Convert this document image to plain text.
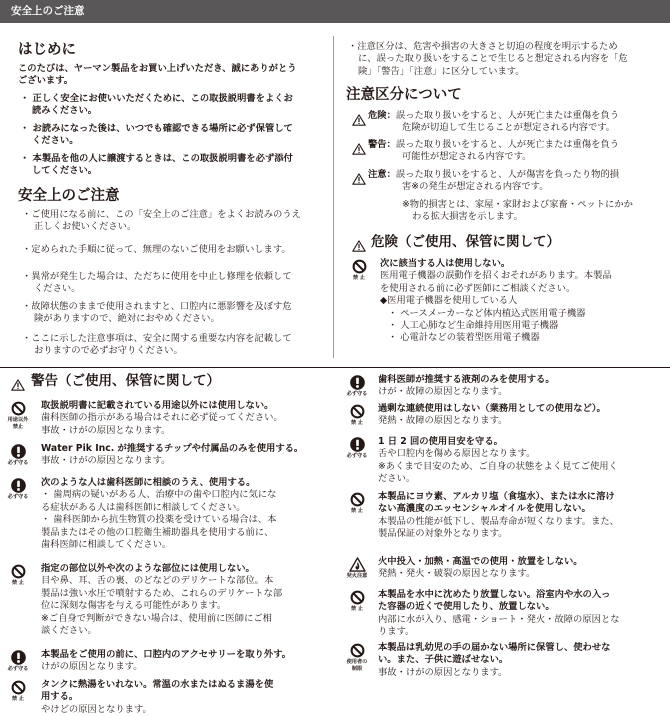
安全上のご注意
はじめに
このたびは、ヤーマン製品をお買い上げいただき、誠にありがとう
ございます。
・ 正しく安全にお使いいただくために、この取扱説明書をよくお
読みください。
・ お読みになった後は、いつでも確認できる場所に必ず保管して
ください。
・ 本製品を他の人に譲渡するときは、この取扱説明書を必ず添付
してください。
安全上のご注意
・ご使用になる前に、この「安全上のご注意」をよくお読みのうえ
正しくお使いください。
・定められた手順に従って、無理のないご使用をお願いします。
・異常が発生した場合は、ただちに使用を中止し修理を依頼して
ください。
・故障状態のままで使用されますと、口腔内に悪影響を及ぼす危
険がありますので、絶対におやめください。
・ここに示した注意事項は、安全に関する重要な内容を記載して
おりますので必ずお守りください。
・注意区分は、危害や損害の大きさと切迫の程度を明示するため
に、誤った取り扱いをすることで生じると想定される内容を「危
険」「警告」「注意」に区分しています。
注意区分について
危険：誤った取り扱いをすると、人が死亡または重傷を負う
危険が切迫して生じることが想定される内容です。
警告：誤った取り扱いをすると、人が死亡または重傷を負う
可能性が想定される内容です。
注意：誤った取り扱いをすると、人が傷害を負ったり物的損
害※の発生が想定される内容です。
※物的損害とは、家屋・家財および家畜・ペットにかか
わる拡大損害を示します。
危険（ご使用、保管に関して）
禁 止
次に該当する人は使用しない。
医用電子機器の誤動作を招くおそれがあります。本製品
を使用される前に必ず医師にご相談ください。
◆医用電子機器を使用している人
・ ペースメーカーなど体内植込式医用電子機器
・ 人工心肺など生命維持用医用電子機器
・ 心電計などの装着型医用電子機器
警告（ご使用、保管に関して）
用途以外
禁止
取扱説明書に記載されている用途以外には使用しない。
歯科医師の指示がある場合はそれに必ず従ってください。
事故・けがの原因となります。
必ず守る
Water Pik Inc. が推奨するチップや付属品のみを使用する。
事故・けがの原因となります。
必ず守る
次のような人は歯科医師に相談のうえ、使用する。
・ 歯周病の疑いがある人、治療中の歯や口腔内に気にな
る症状がある人は歯科医師に相談してください。
・ 歯科医師から抗生物質の投薬を受けている場合は、本
製品またはその他の口腔衛生補助器具を使用する前に、
歯科医師に相談してください。
禁 止
指定の部位以外や次のような部位には使用しない。
目や鼻、耳、舌の裏、のどなどのデリケートな部位。本
製品は強い水圧で噴射するため、これらのデリケートな部
位に深刻な傷害を与える可能性があります。
※ご自身で判断ができない場合は、使用前に医師にご相
談ください。
必ず守る
本製品をご使用の前に、口腔内のアクセサリーを取り外す。
けがの原因となります。
禁 止
タンクに熱湯をいれない。常温の水またはぬるま湯を使
用する。
やけどの原因となります。
必ず守る
歯科医師が推奨する液剤のみを使用する。
けが・故障の原因となります。
禁 止
過剰な連続使用はしない（業務用としての使用など）。
発熱・故障の原因となります。
必ず守る
1 日 2 回の使用目安を守る。
舌や口腔内を傷める原因となります。
※あくまで目安のため、ご自身の状態をよく見てご使用く
ださい。
禁 止
本製品にヨウ素、アルカリ塩（食塩水）、または水に溶け
ない高濃度のエッセンシャルオイルを使用しない。
本製品の性能が低下し、製品寿命が短くなります。また、
製品保証の対象外となります。
発火注意
火中投入・加熱・高温での使用・放置をしない。
発熱・発火・破裂の原因となります。
禁 止
本製品を水中に沈めたり放置しない。浴室内や水の入っ
た容器の近くで使用したり、放置しない。
内部に水が入り、感電・ショート・発火・故障の原因とな
ります。
使用者の
制限
本製品は乳幼児の手の届かない場所に保管し、使わせな
い。また、子供に遊ばせない。
事故・けがの原因となります。
